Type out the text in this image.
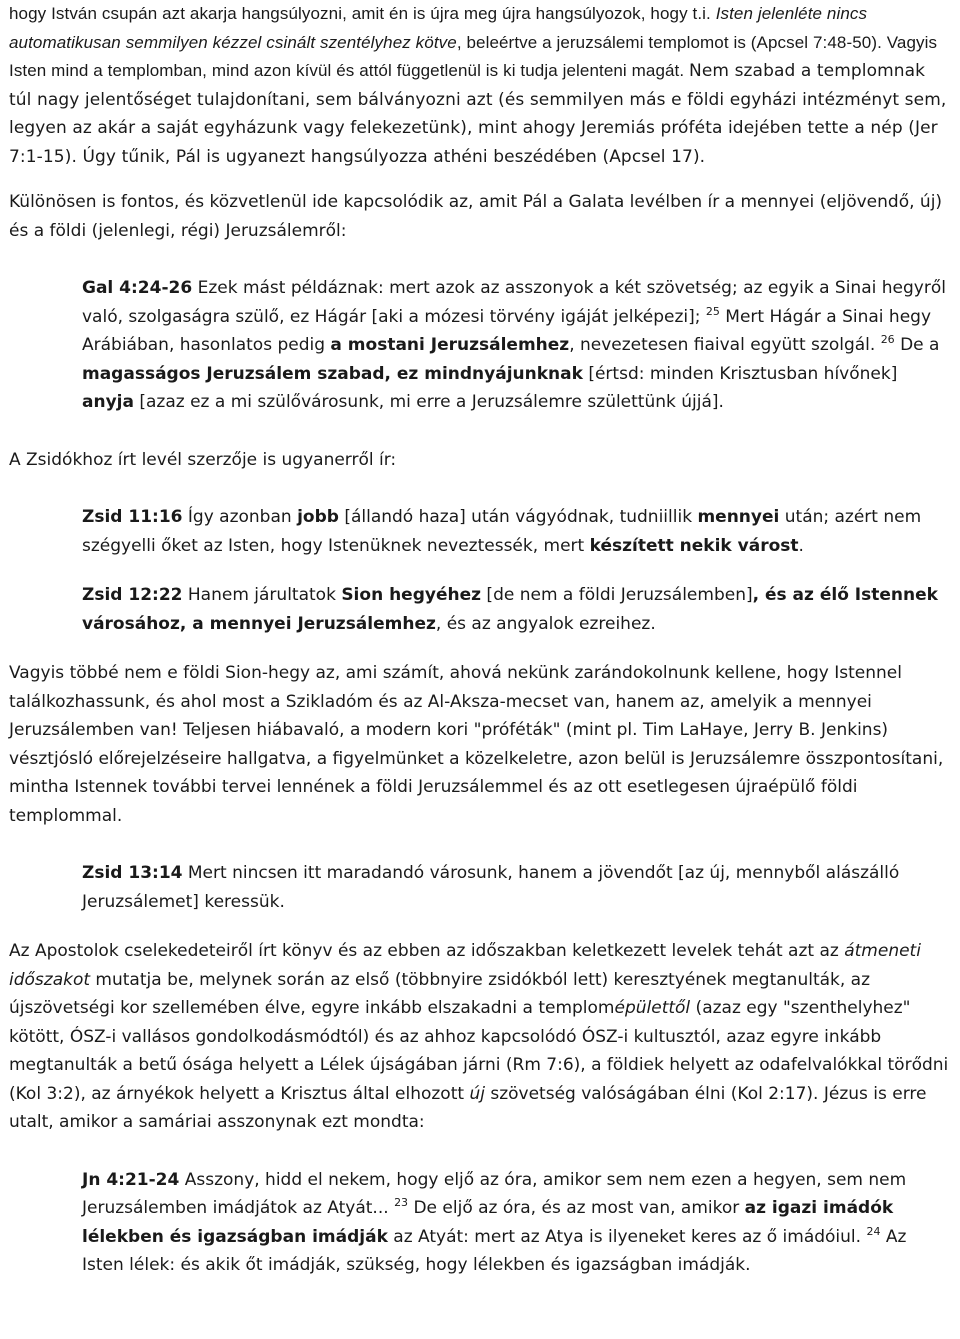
hogy István csupán azt akarja hangsúlyozni, amit én is újra meg újra hangsúlyozok, hogy t.i. Isten jelenléte nincs automatikusan semmilyen kézzel csinált szentélyhez kötve, beleértve a jeruzsálemi templomot is (Apcsel 7:48-50). Vagyis Isten mind a templomban, mind azon kívül és attól függetlenül is ki tudja jelenteni magát. Nem szabad a templomnak túl nagy jelentőséget tulajdonítani, sem bálványozni azt (és semmilyen más e földi egyházi intézményt sem, legyen az akár a saját egyházunk vagy felekezetünk), mint ahogy Jeremiás próféta idejében tette a nép (Jer 7:1-15). Úgy tűnik, Pál is ugyanezt hangsúlyozza athéni beszédében (Apcsel 17).

Különösen is fontos, és közvetlenül ide kapcsolódik az, amit Pál a Galata levélben ír a mennyei (eljövendő, új) és a földi (jelenlegi, régi) Jeruzsálemről:

Gal 4:24-26 Ezek mást példáznak: mert azok az asszonyok a két szövetség; az egyik a Sinai hegyről való, szolgaságra szülő, ez Hágár [aki a mózesi törvény igáját jelképezi]; $^{25}$ Mert Hágár a Sinai hegy Arábiában, hasonlatos pedig a mostani Jeruzsálemhez, nevezetesen fiaival együtt szolgál. $^{26}$ De a magasságos Jeruzsálem szabad, ez mindnyájunknak [értsd: minden Krisztusban hívőnek] anyja [azaz ez a mi szülővárosunk, mi erre a Jeruzsálemre születtünk újjá].

A Zsidókhoz írt levél szerzője is ugyanerről ír:

Zsid 11:16 Így azonban jobb [állandó haza] után vágyódnak, tudniillik mennyei után; azért nem szégyelli őket az Isten, hogy Istenüknek neveztessék, mert készített nekik várost.

Zsid 12:22 Hanem járultatok Sion hegyéhez [de nem a földi Jeruzsálemben], és az élő Istennek városához, a mennyei Jeruzsálemhez, és az angyalok ezreihez.

Vagyis többé nem e földi Sion-hegy az, ami számít, ahová nekünk zarándokolnunk kellene, hogy Istennel találkozhassunk, és ahol most a Szikladóm és az Al-Aksza-mecset van, hanem az, amelyik a mennyei Jeruzsálemben van! Teljesen hiábavaló, a modern kori "próféták" (mint pl. Tim LaHaye, Jerry B. Jenkins) vésztjósló előrejelzéseire hallgatva, a figyelmünket a közelkeletre, azon belül is Jeruzsálemre összpontosítani, mintha Istennek további tervei lennének a földi Jeruzsálemmel és az ott esetlegesen újraépülő földi templommal.

Zsid 13:14 Mert nincsen itt maradandó városunk, hanem a jövendőt [az új, mennyből alászálló Jeruzsálemet] keressük.

Az Apostolok cselekedeteiről írt könyv és az ebben az időszakban keletkezett levelek tehát azt az átmeneti időszakot mutatja be, melynek során az első (többnyire zsidókból lett) keresztyének megtanulták, az újszövetségi kor szellemében élve, egyre inkább elszakadni a templomépülettől (azaz egy "szenthelyhez" kötött, ÓSZ-i vallásos gondolkodásmódtól) és az ahhoz kapcsolódó ÓSZ-i kultusztól, azaz egyre inkább megtanulták a betű ósága helyett a Lélek újságában járni (Rm 7:6), a földiek helyett az odafelvalókkal törődni (Kol 3:2), az árnyékok helyett a Krisztus által elhozott új szövetség valóságában élni (Kol 2:17). Jézus is erre utalt, amikor a samáriai asszonynak ezt mondta:

Jn 4:21-24 Asszony, hidd el nekem, hogy eljő az óra, amikor sem nem ezen a hegyen, sem nem Jeruzsálemben imádjátok az Atyát... $^{23}$ De eljő az óra, és az most van, amikor az igazi imádók lélekben és igazságban imádják az Atyát: mert az Atya is ilyeneket keres az ő imádóiul. $^{24}$ Az Isten lélek: és akik őt imádják, szükség, hogy lélekben és igazságban imádják.
